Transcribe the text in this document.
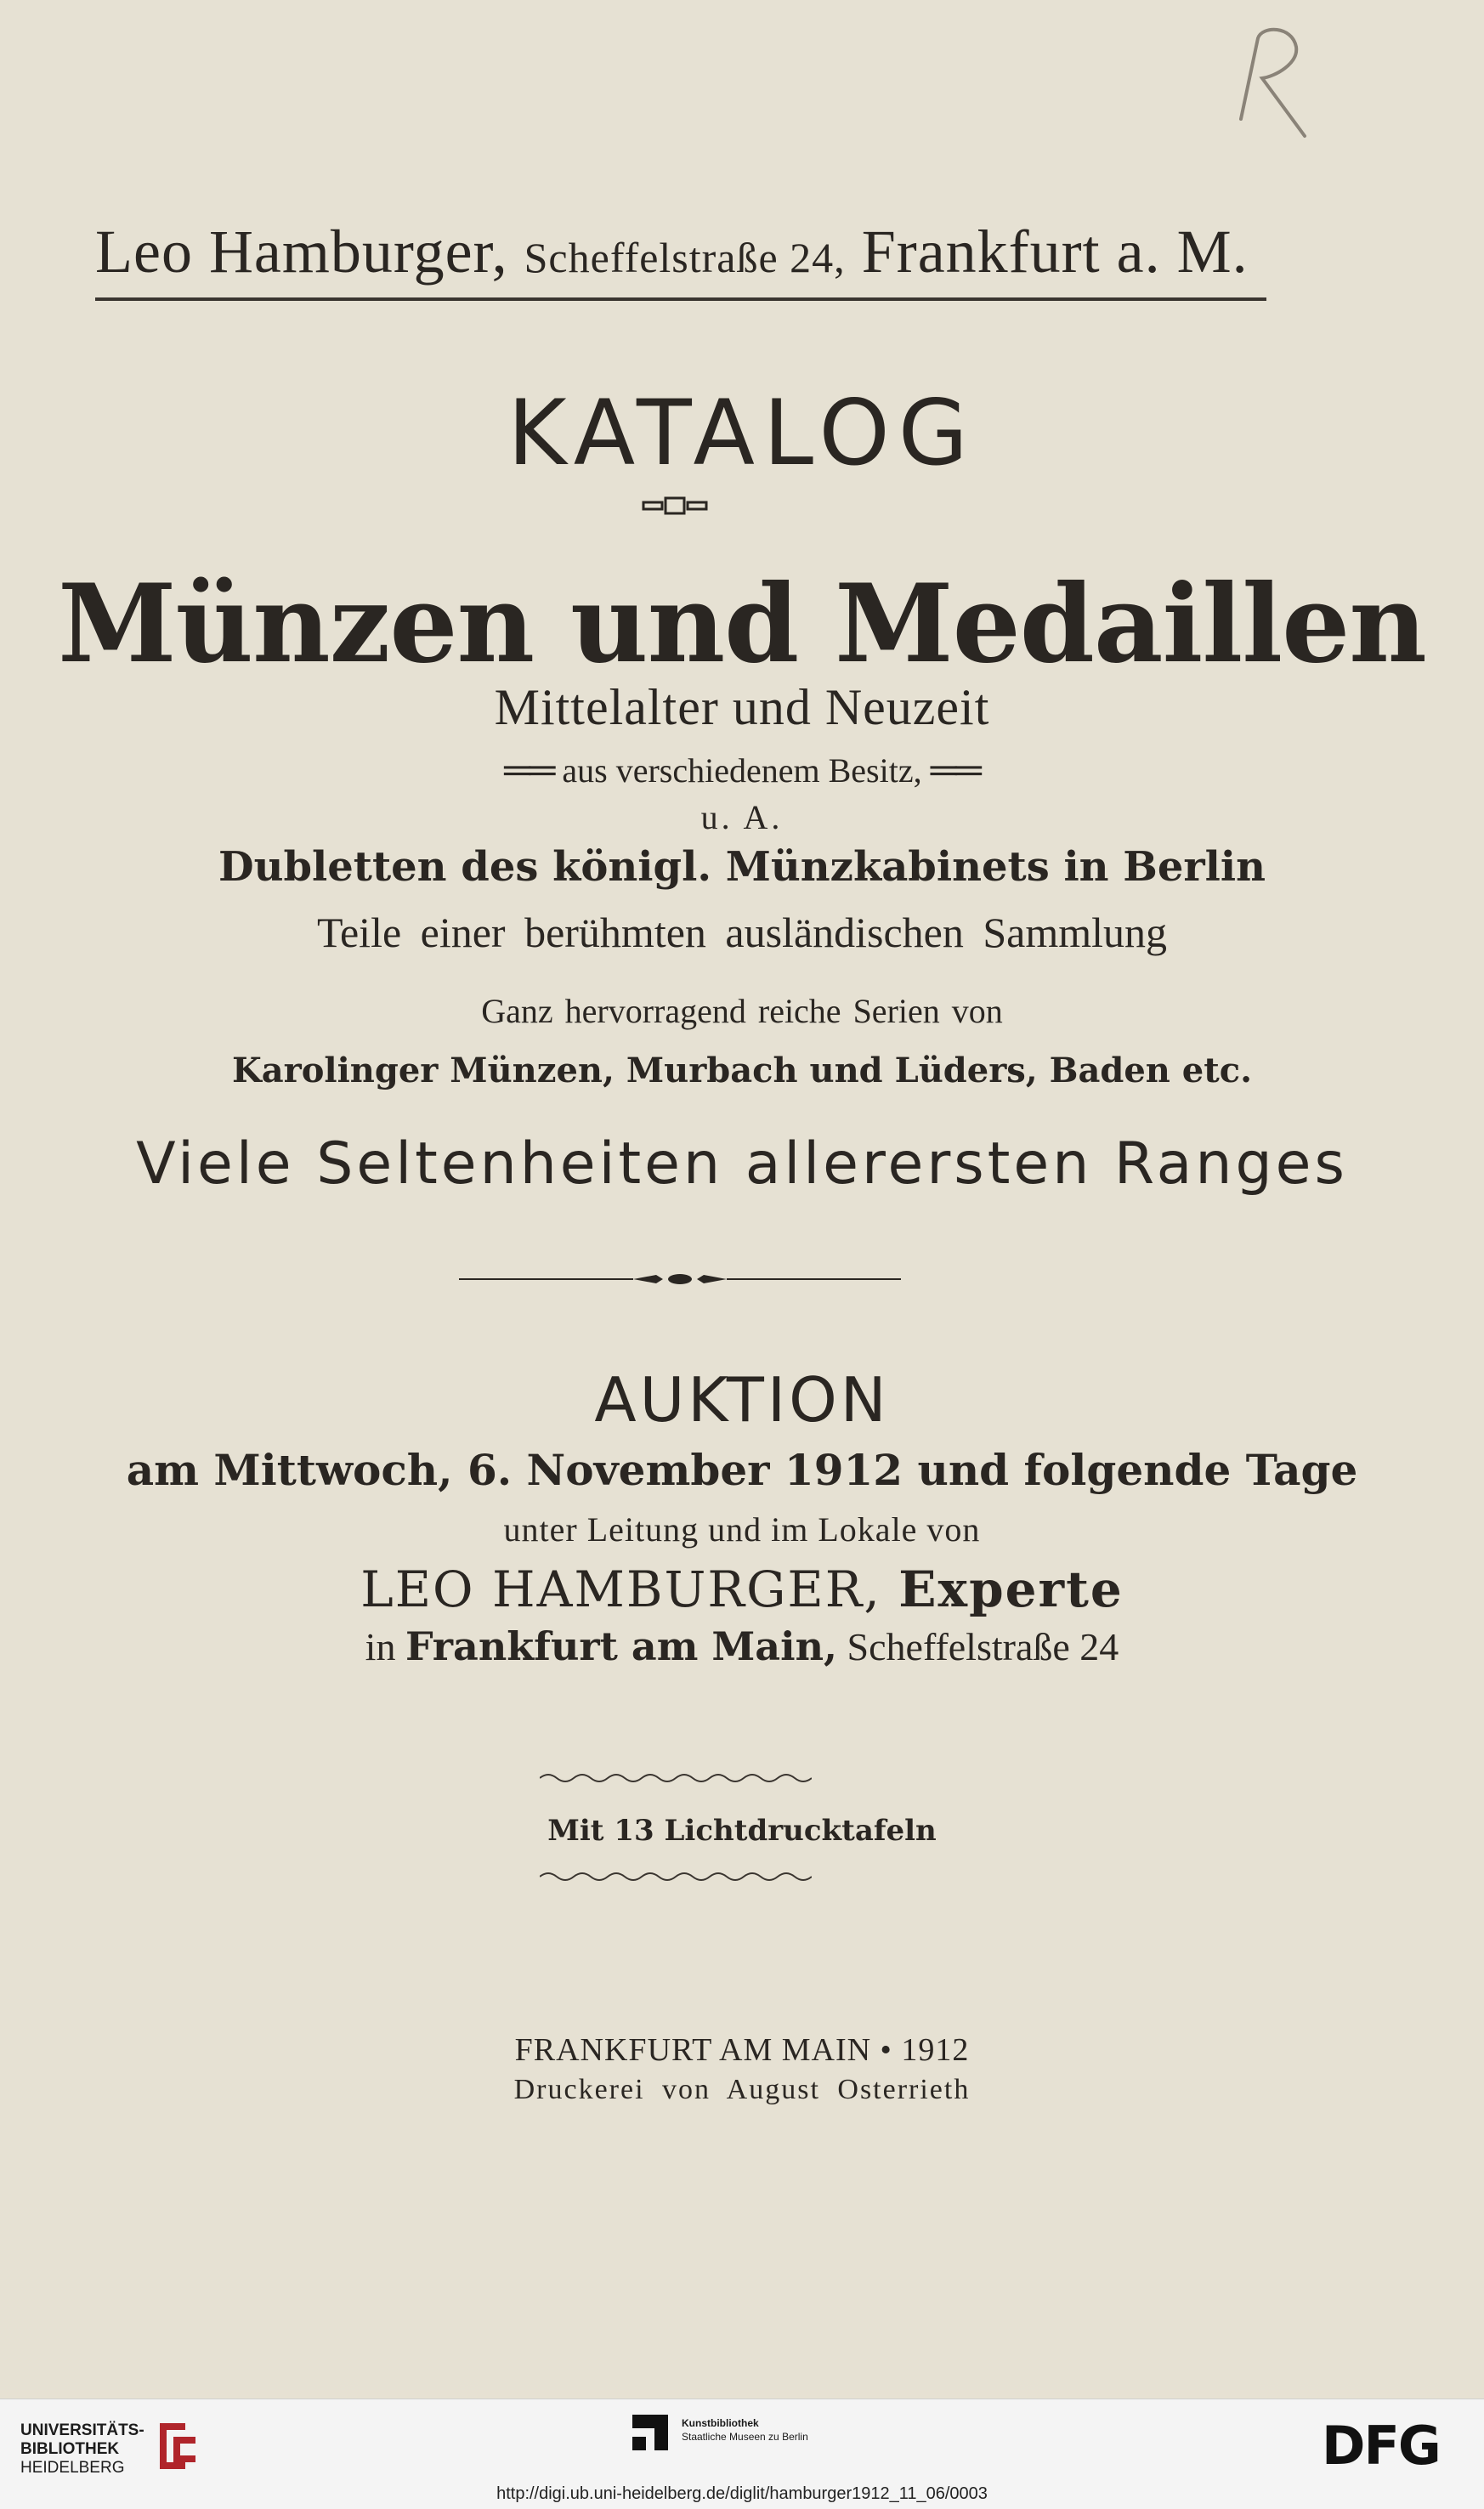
R
Leo Hamburger, Scheffelstraße 24, Frankfurt a. M.
KATALOG
Münzen und Medaillen
Mittelalter und Neuzeit
══ aus verschiedenem Besitz, ══
u. A.
Dubletten des königl. Münzkabinets in Berlin
Teile einer berühmten ausländischen Sammlung
Ganz hervorragend reiche Serien von
Karolinger Münzen, Murbach und Lüders, Baden etc.
Viele Seltenheiten allerersten Ranges
AUKTION
am Mittwoch, 6. November 1912 und folgende Tage
unter Leitung und im Lokale von
LEO HAMBURGER, Experte
in Frankfurt am Main, Scheffelstraße 24
Mit 13 Lichtdrucktafeln
FRANKFURT AM MAIN • 1912
Druckerei von August Osterrieth
UNIVERSITÄTS-
BIBLIOTHEK
HEIDELBERG
Kunstbibliothek
Staatliche Museen zu Berlin	DFG
http://digi.ub.uni-heidelberg.de/diglit/hamburger1912_11_06/0003
